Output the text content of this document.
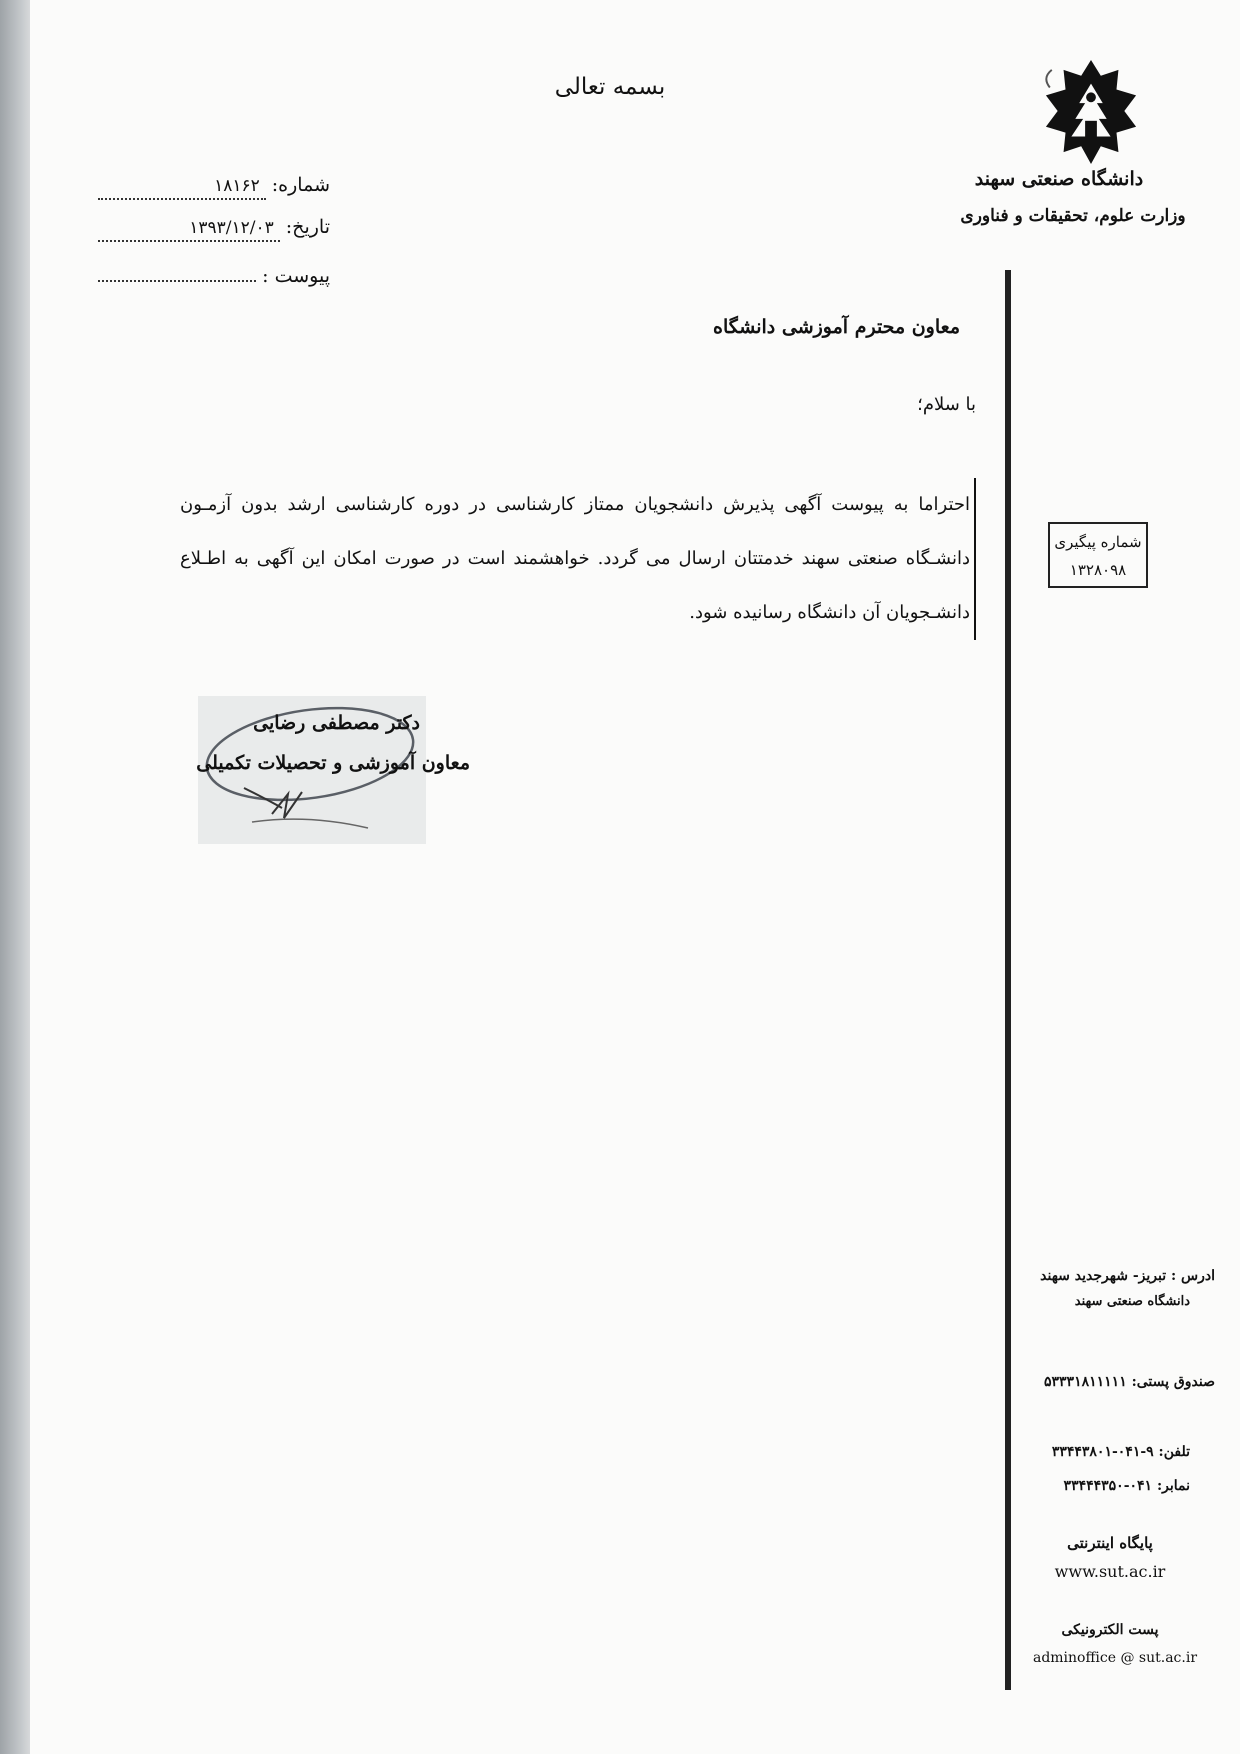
بسمه تعالی
دانشگاه صنعتی سهند
وزارت علوم، تحقیقات و فناوری
شماره:
۱۸۱۶۲
تاریخ:
۱۳۹۳/۱۲/۰۳
پیوست :
شماره پیگیری
۱۳۲۸۰۹۸
معاون محترم آموزشی دانشگاه
با سلام؛
احتراما به پیوست آگهی پذیرش دانشجویان ممتاز کارشناسی در دوره کارشناسی ارشد بدون آزمـون دانشـگاه صنعتی سهند خدمتتان ارسال می گردد. خواهشمند است در صورت امکان این آگهی به اطـلاع دانشـجویان آن دانشگاه رسانیده شود.
دکتر مصطفی رضایی
معاون آموزشی و تحصیلات تکمیلی
ادرس : تبریز- شهرجدید سهند
دانشگاه صنعتی سهند
صندوق پستی: ۵۳۳۳۱۸۱۱۱۱۱
تلفن: ۹-۰۴۱-۳۳۴۴۳۸۰۱
نمابر: ۰۴۱-۳۳۴۴۴۳۵۰
پایگاه اینترنتی
www.sut.ac.ir
پست الکترونیکی
adminoffice @ sut.ac.ir
